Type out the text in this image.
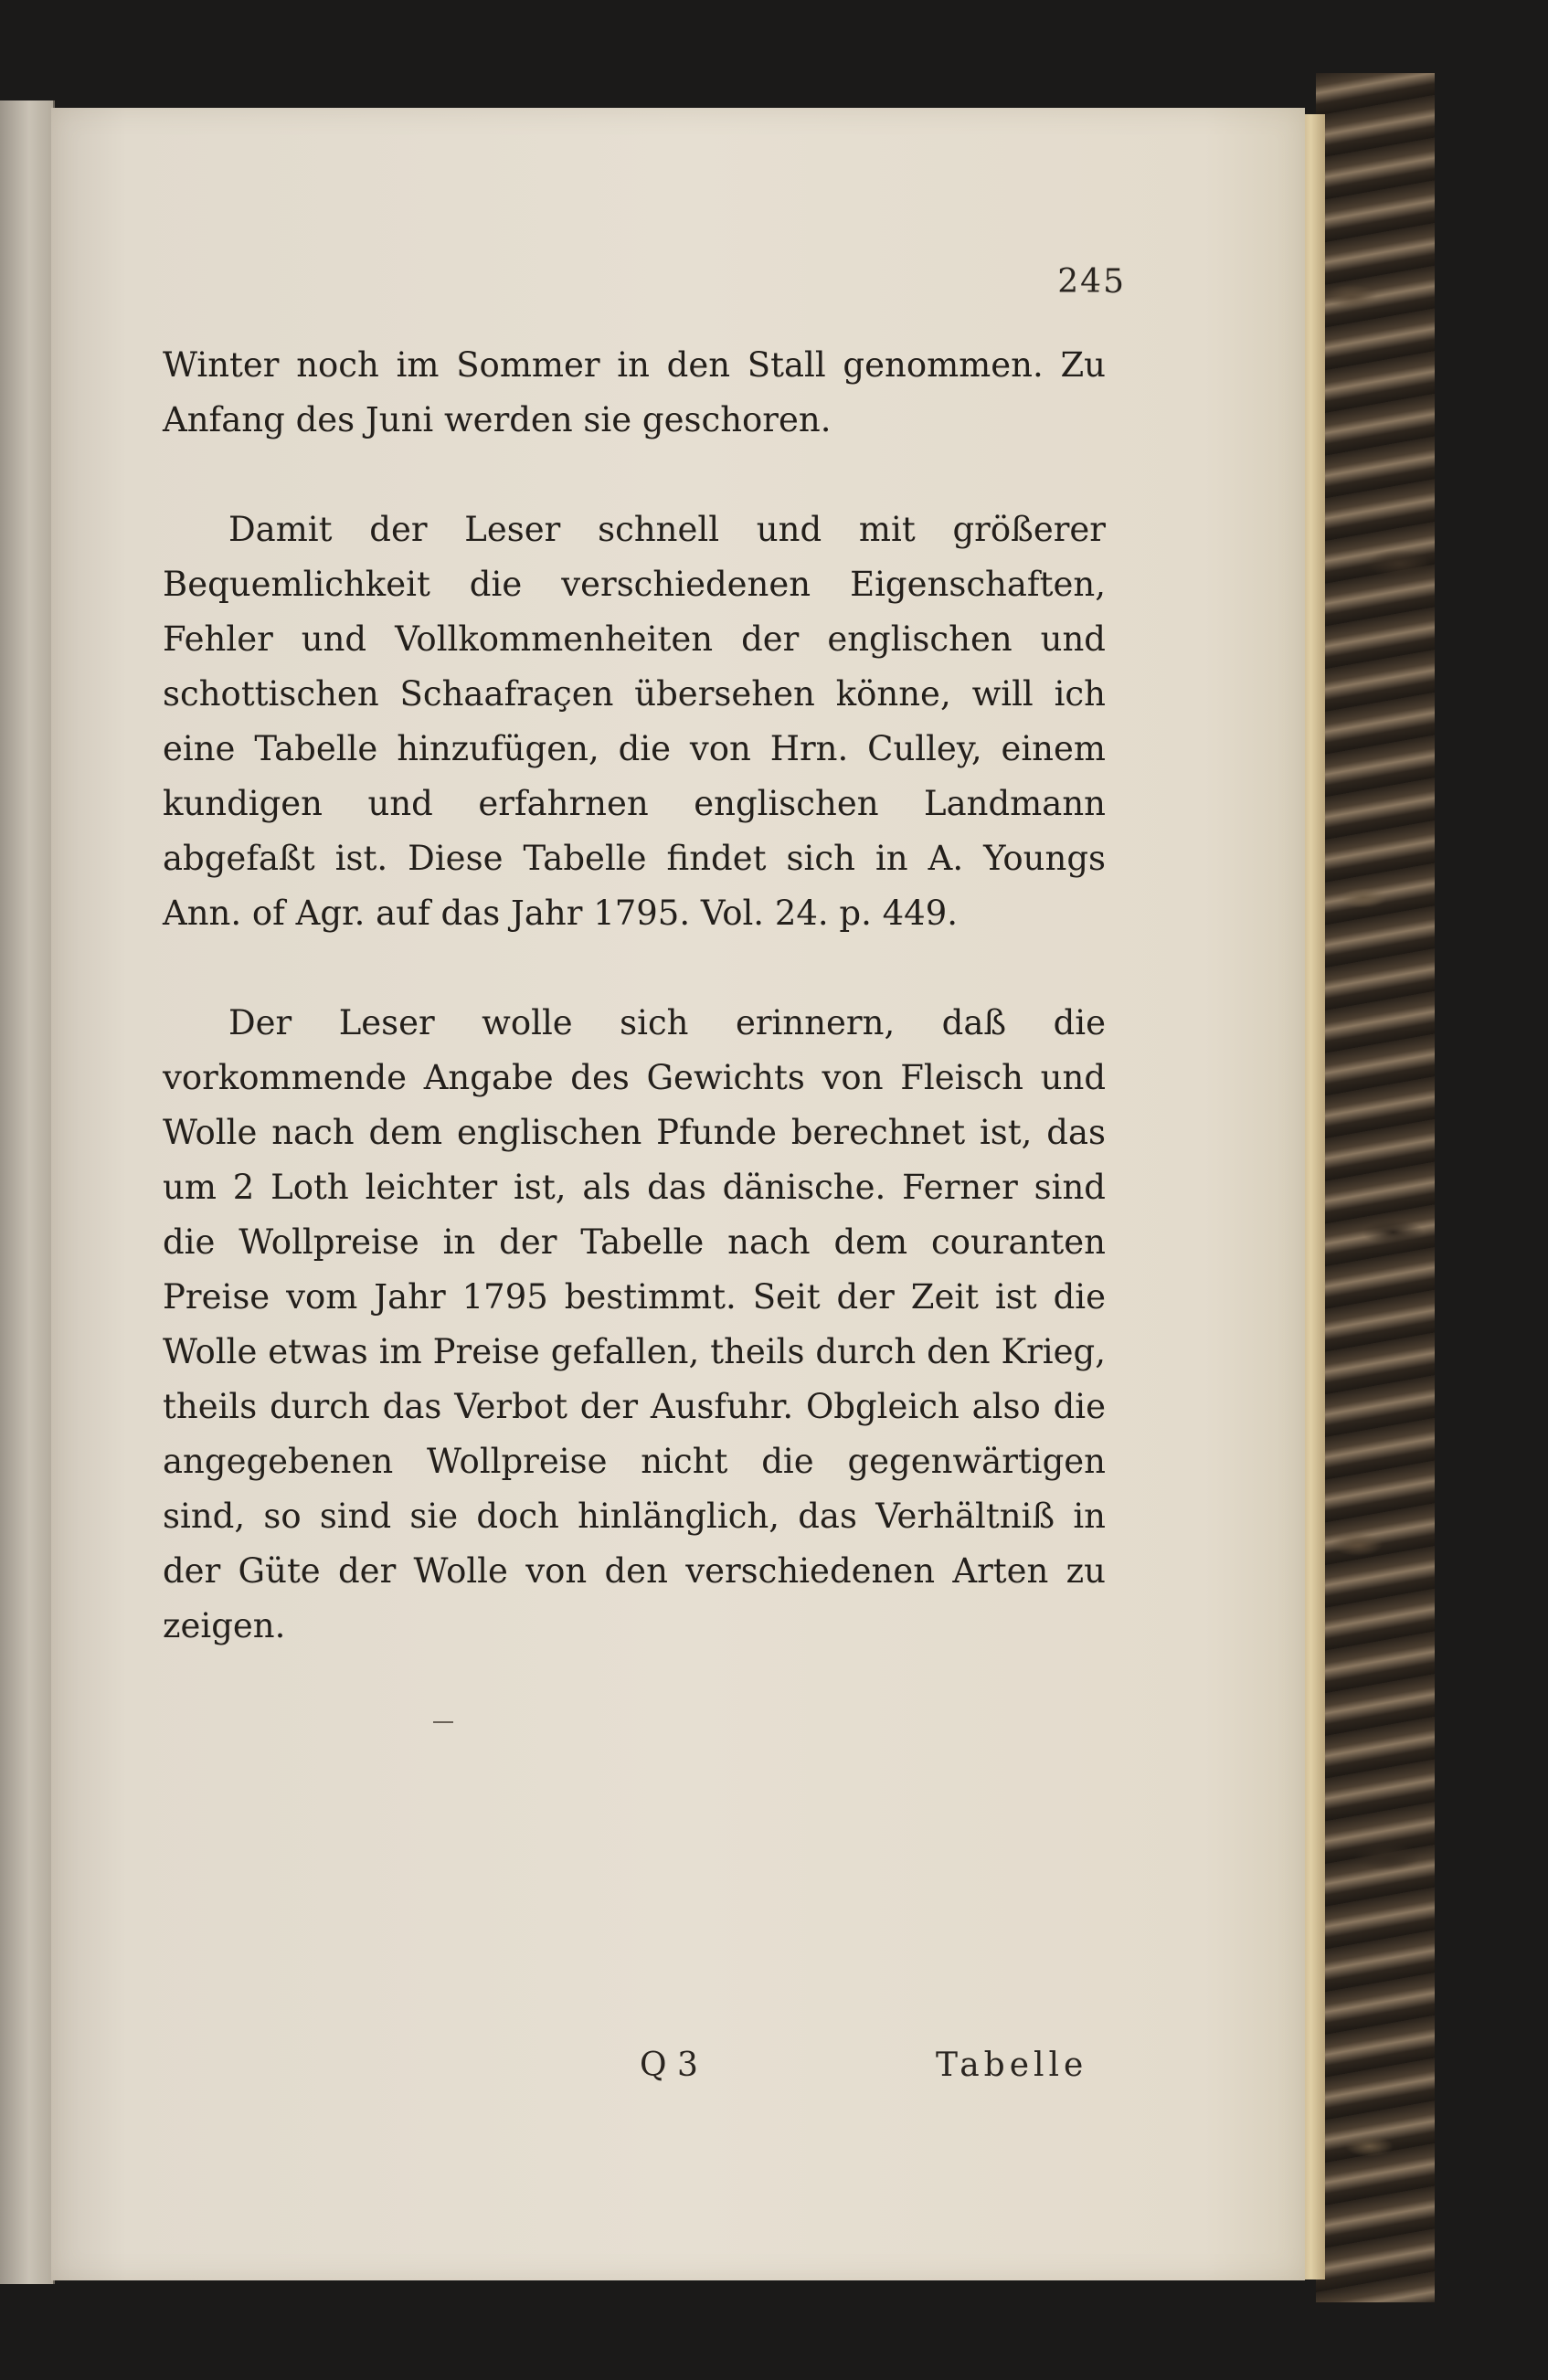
245

Winter noch im Sommer in den Stall genommen. Zu Anfang des Juni werden sie geschoren.

Damit der Leser schnell und mit größerer Bequemlichkeit die verschiedenen Eigenschaften, Fehler und Vollkommenheiten der englischen und schottischen Schaafraçen übersehen könne, will ich eine Tabelle hinzufügen, die von Hrn. Culley, einem kundigen und erfahrnen englischen Landmann abgefaßt ist. Diese Tabelle findet sich in A. Youngs Ann. of Agr. auf das Jahr 1795. Vol. 24. p. 449.

Der Leser wolle sich erinnern, daß die vorkommende Angabe des Gewichts von Fleisch und Wolle nach dem englischen Pfunde berechnet ist, das um 2 Loth leichter ist, als das dänische. Ferner sind die Wollpreise in der Tabelle nach dem couranten Preise vom Jahr 1795 bestimmt. Seit der Zeit ist die Wolle etwas im Preise gefallen, theils durch den Krieg, theils durch das Verbot der Ausfuhr. Obgleich also die angegebenen Wollpreise nicht die gegenwärtigen sind, so sind sie doch hinlänglich, das Verhältniß in der Güte der Wolle von den verschiedenen Arten zu zeigen.

Q 3	Tabelle
